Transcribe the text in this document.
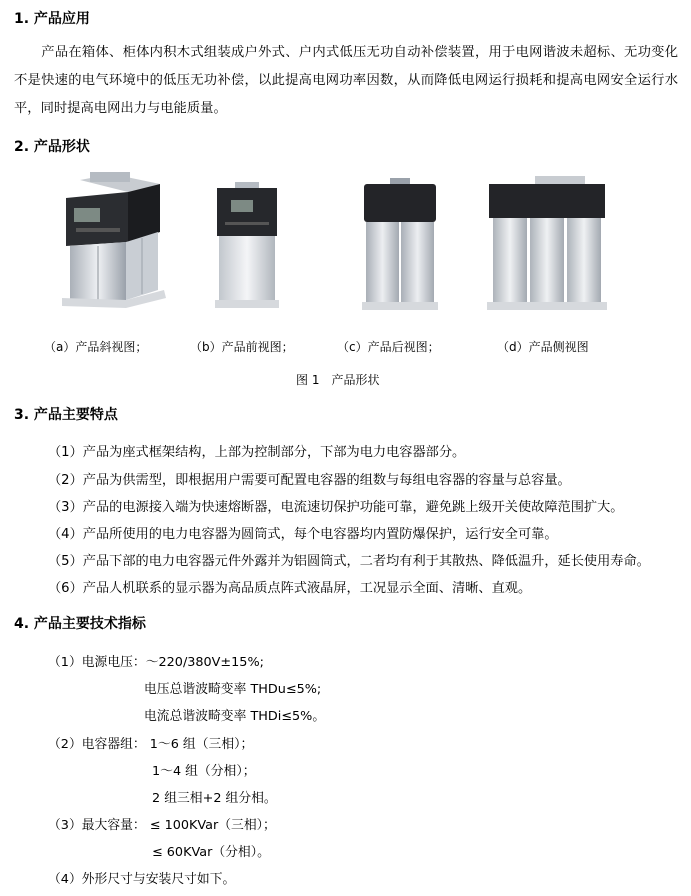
1. 产品应用
产品在箱体、柜体内积木式组装成户外式、户内式低压无功自动补偿装置，用于电网谐波未超标、无功变化不是快速的电气环境中的低压无功补偿，以此提高电网功率因数，从而降低电网运行损耗和提高电网安全运行水平，同时提高电网出力与电能质量。
2. 产品形状
（a）产品斜视图；	（b）产品前视图；	（c）产品后视图；	（d）产品侧视图
图 1　产品形状
3. 产品主要特点
（1）产品为座式框架结构，上部为控制部分，下部为电力电容器部分。
（2）产品为供需型，即根据用户需要可配置电容器的组数与每组电容器的容量与总容量。
（3）产品的电源接入端为快速熔断器，电流速切保护功能可靠，避免跳上级开关使故障范围扩大。
（4）产品所使用的电力电容器为圆筒式，每个电容器均内置防爆保护，运行安全可靠。
（5）产品下部的电力电容器元件外露并为铝圆筒式，二者均有利于其散热、降低温升，延长使用寿命。
（6）产品人机联系的显示器为高品质点阵式液晶屏，工况显示全面、清晰、直观。
4. 产品主要技术指标
（1）电源电压：～220/380V±15%;
电压总谐波畸变率 THDu≤5%;
电流总谐波畸变率 THDi≤5%。
（2）电容器组： 1～6 组（三相）；
1～4 组（分相）；
2 组三相+2 组分相。
（3）最大容量： ≤ 100KVar（三相）；
≤ 60KVar（分相）。
（4）外形尺寸与安装尺寸如下。
